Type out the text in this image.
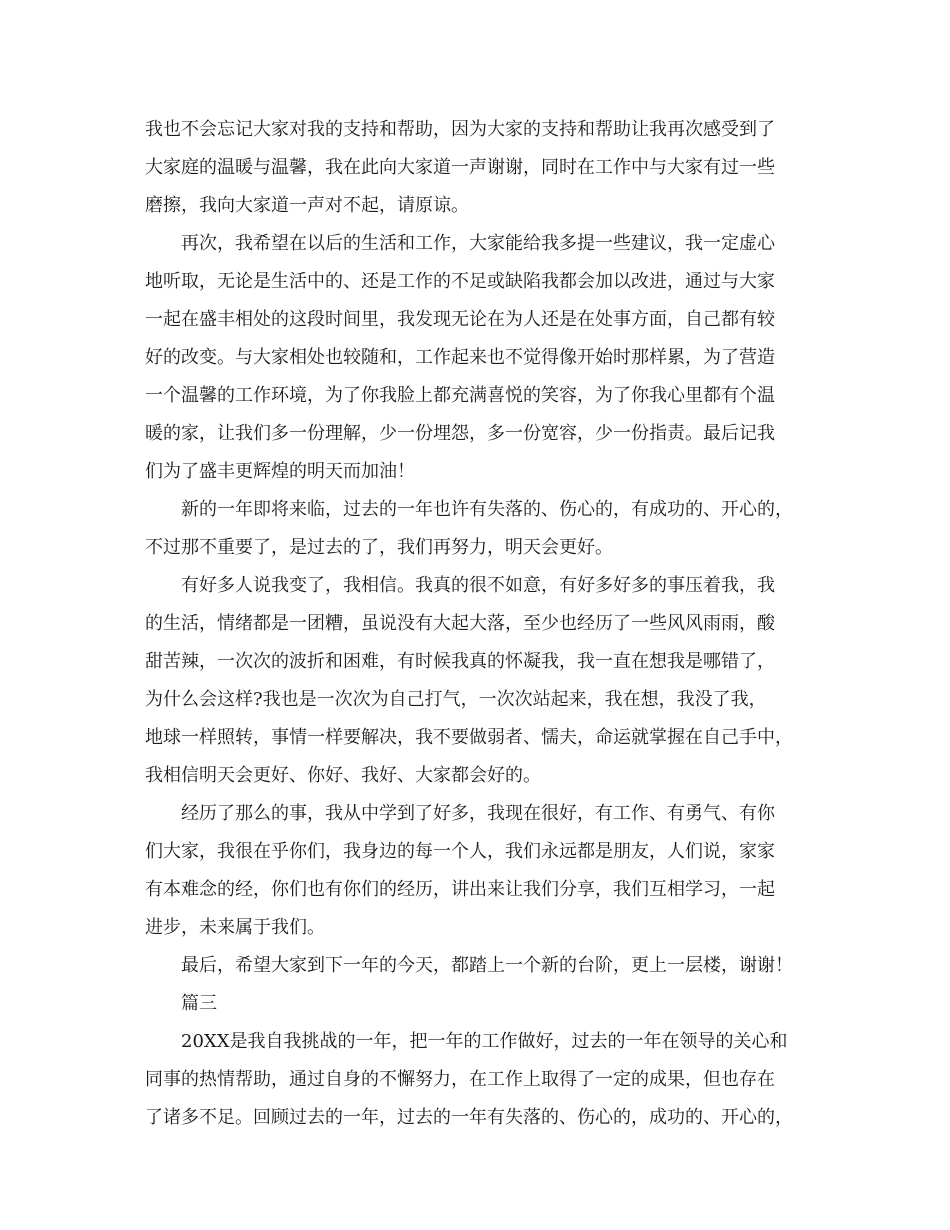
我也不会忘记大家对我的支持和帮助，因为大家的支持和帮助让我再次感受到了
大家庭的温暖与温馨，我在此向大家道一声谢谢，同时在工作中与大家有过一些
磨擦，我向大家道一声对不起，请原谅。
再次，我希望在以后的生活和工作，大家能给我多提一些建议，我一定虚心
地听取，无论是生活中的、还是工作的不足或缺陷我都会加以改进，通过与大家
一起在盛丰相处的这段时间里，我发现无论在为人还是在处事方面，自己都有较
好的改变。与大家相处也较随和，工作起来也不觉得像开始时那样累，为了营造
一个温馨的工作环境，为了你我脸上都充满喜悦的笑容，为了你我心里都有个温
暖的家，让我们多一份理解，少一份埋怨，多一份宽容，少一份指责。最后记我
们为了盛丰更辉煌的明天而加油！
新的一年即将来临，过去的一年也许有失落的、伤心的，有成功的、开心的，
不过那不重要了，是过去的了，我们再努力，明天会更好。
有好多人说我变了，我相信。我真的很不如意，有好多好多的事压着我，我
的生活，情绪都是一团糟，虽说没有大起大落，至少也经历了一些风风雨雨，酸
甜苦辣，一次次的波折和困难，有时候我真的怀凝我，我一直在想我是哪错了，
为什么会这样?我也是一次次为自己打气，一次次站起来，我在想，我没了我，
地球一样照转，事情一样要解决，我不要做弱者、懦夫，命运就掌握在自己手中，
我相信明天会更好、你好、我好、大家都会好的。
经历了那么的事，我从中学到了好多，我现在很好，有工作、有勇气、有你
们大家，我很在乎你们，我身边的每一个人，我们永远都是朋友，人们说，家家
有本难念的经，你们也有你们的经历，讲出来让我们分享，我们互相学习，一起
进步，未来属于我们。
最后，希望大家到下一年的今天，都踏上一个新的台阶，更上一层楼，谢谢！
篇三
20XX是我自我挑战的一年，把一年的工作做好，过去的一年在领导的关心和
同事的热情帮助，通过自身的不懈努力，在工作上取得了一定的成果，但也存在
了诸多不足。回顾过去的一年，过去的一年有失落的、伤心的，成功的、开心的，
